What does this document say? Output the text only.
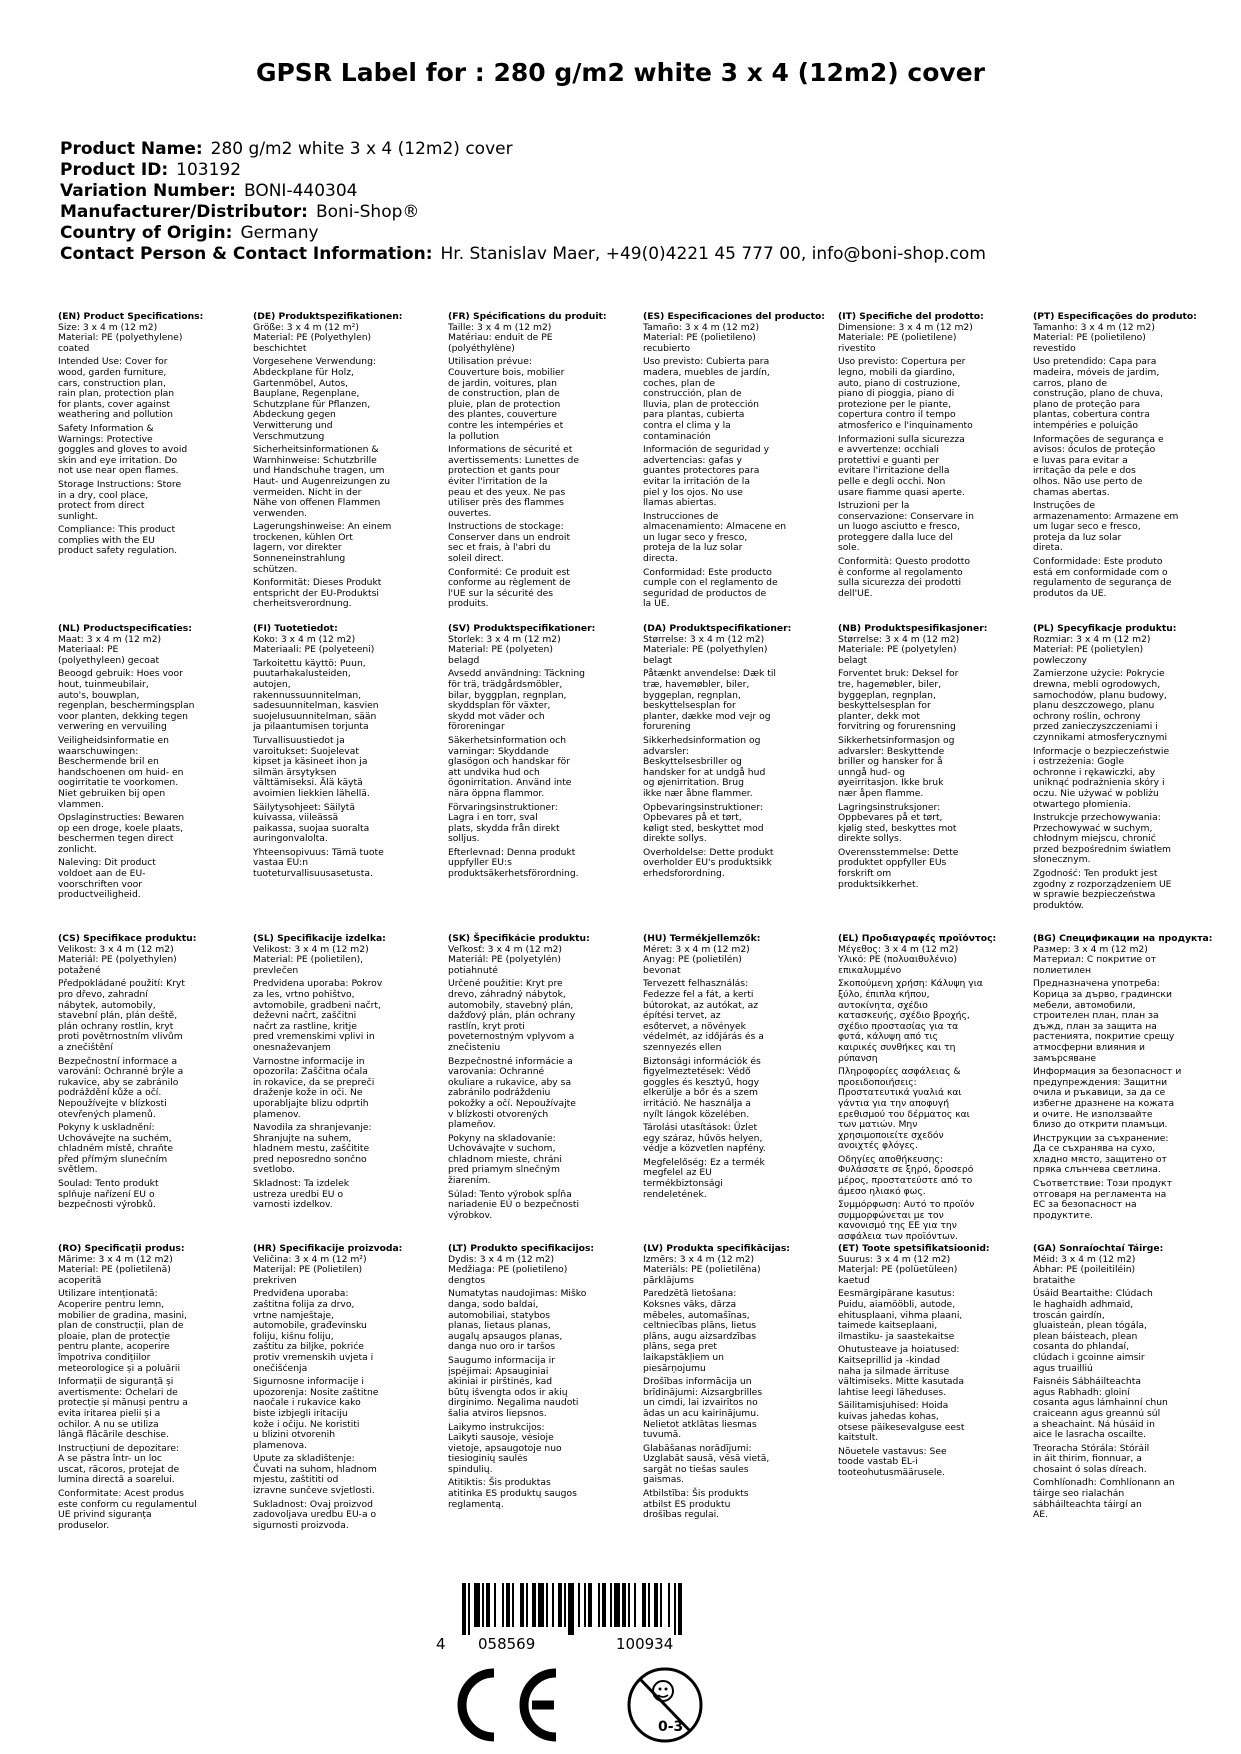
GPSR Label for : 280 g/m2 white 3 x 4 (12m2) cover
Product Name: 280 g/m2 white 3 x 4 (12m2) cover
Product ID: 103192
Variation Number: BONI-440304
Manufacturer/Distributor: Boni-Shop®
Country of Origin: Germany
Contact Person & Contact Information: Hr. Stanislav Maer, +49(0)4221 45 777 00, info@boni-shop.com
(EN) Product Specifications:
Size: 3 x 4 m (12 m2)
Material: PE (polyethylene)
coated
Intended Use: Cover for
wood, garden furniture,
cars, construction plan,
rain plan, protection plan
for plants, cover against
weathering and pollution
Safety Information &
Warnings: Protective
goggles and gloves to avoid
skin and eye irritation. Do
not use near open flames.
Storage Instructions: Store
in a dry, cool place,
protect from direct
sunlight.
Compliance: This product
complies with the EU
product safety regulation.
(DE) Produktspezifikationen:
Größe: 3 x 4 m (12 m²)
Material: PE (Polyethylen)
beschichtet
Vorgesehene Verwendung:
Abdeckplane für Holz,
Gartenmöbel, Autos,
Bauplane, Regenplane,
Schutzplane für Pflanzen,
Abdeckung gegen
Verwitterung und
Verschmutzung
Sicherheitsinformationen &
Warnhinweise: Schutzbrille
und Handschuhe tragen, um
Haut- und Augenreizungen zu
vermeiden. Nicht in der
Nähe von offenen Flammen
verwenden.
Lagerungshinweise: An einem
trockenen, kühlen Ort
lagern, vor direkter
Sonneneinstrahlung
schützen.
Konformität: Dieses Produkt
entspricht der EU-Produktsi
cherheitsverordnung.
(FR) Spécifications du produit:
Taille: 3 x 4 m (12 m2)
Matériau: enduit de PE
(polyéthylène)
Utilisation prévue:
Couverture bois, mobilier
de jardin, voitures, plan
de construction, plan de
pluie, plan de protection
des plantes, couverture
contre les intempéries et
la pollution
Informations de sécurité et
avertissements: Lunettes de
protection et gants pour
éviter l'irritation de la
peau et des yeux. Ne pas
utiliser près des flammes
ouvertes.
Instructions de stockage:
Conserver dans un endroit
sec et frais, à l'abri du
soleil direct.
Conformité: Ce produit est
conforme au règlement de
l'UE sur la sécurité des
produits.
(ES) Especificaciones del producto:
Tamaño: 3 x 4 m (12 m2)
Material: PE (polietileno)
recubierto
Uso previsto: Cubierta para
madera, muebles de jardín,
coches, plan de
construcción, plan de
lluvia, plan de protección
para plantas, cubierta
contra el clima y la
contaminación
Información de seguridad y
advertencias: gafas y
guantes protectores para
evitar la irritación de la
piel y los ojos. No use
llamas abiertas.
Instrucciones de
almacenamiento: Almacene en
un lugar seco y fresco,
proteja de la luz solar
directa.
Conformidad: Este producto
cumple con el reglamento de
seguridad de productos de
la UE.
(IT) Specifiche del prodotto:
Dimensione: 3 x 4 m (12 m2)
Materiale: PE (polietilene)
rivestito
Uso previsto: Copertura per
legno, mobili da giardino,
auto, piano di costruzione,
piano di pioggia, piano di
protezione per le piante,
copertura contro il tempo
atmosferico e l'inquinamento
Informazioni sulla sicurezza
e avvertenze: occhiali
protettivi e guanti per
evitare l'irritazione della
pelle e degli occhi. Non
usare fiamme quasi aperte.
Istruzioni per la
conservazione: Conservare in
un luogo asciutto e fresco,
proteggere dalla luce del
sole.
Conformità: Questo prodotto
è conforme al regolamento
sulla sicurezza dei prodotti
dell'UE.
(PT) Especificações do produto:
Tamanho: 3 x 4 m (12 m2)
Material: PE (polietileno)
revestido
Uso pretendido: Capa para
madeira, móveis de jardim,
carros, plano de
construção, plano de chuva,
plano de proteção para
plantas, cobertura contra
intempéries e poluição
Informações de segurança e
avisos: óculos de proteção
e luvas para evitar a
irritação da pele e dos
olhos. Não use perto de
chamas abertas.
Instruções de
armazenamento: Armazene em
um lugar seco e fresco,
proteja da luz solar
direta.
Conformidade: Este produto
está em conformidade com o
regulamento de segurança de
produtos da UE.
(NL) Productspecificaties:
Maat: 3 x 4 m (12 m2)
Materiaal: PE
(polyethyleen) gecoat
Beoogd gebruik: Hoes voor
hout, tuinmeubilair,
auto's, bouwplan,
regenplan, beschermingsplan
voor planten, dekking tegen
verwering en vervuiling
Veiligheidsinformatie en
waarschuwingen:
Beschermende bril en
handschoenen om huid- en
oogirritatie te voorkomen.
Niet gebruiken bij open
vlammen.
Opslaginstructies: Bewaren
op een droge, koele plaats,
beschermen tegen direct
zonlicht.
Naleving: Dit product
voldoet aan de EU-
voorschriften voor
productveiligheid.
(FI) Tuotetiedot:
Koko: 3 x 4 m (12 m2)
Materiaali: PE (polyeteeni)
Tarkoitettu käyttö: Puun,
puutarhakalusteiden,
autojen,
rakennussuunnitelman,
sadesuunnitelman, kasvien
suojelusuunnitelman, sään
ja pilaantumisen torjunta
Turvallisuustiedot ja
varoitukset: Suojelevat
kipset ja käsineet ihon ja
silmän ärsytyksen
välttämiseksi. Älä käytä
avoimien liekkien lähellä.
Säilytysohjeet: Säilytä
kuivassa, viileässä
paikassa, suojaa suoralta
auringonvalolta.
Yhteensopivuus: Tämä tuote
vastaa EU:n
tuoteturvallisuusasetusta.
(SV) Produktspecifikationer:
Storlek: 3 x 4 m (12 m2)
Material: PE (polyeten)
belagd
Avsedd användning: Täckning
för trä, trädgårdsmöbler,
bilar, byggplan, regnplan,
skyddsplan för växter,
skydd mot väder och
föroreningar
Säkerhetsinformation och
varningar: Skyddande
glasögon och handskar för
att undvika hud och
ögonirritation. Använd inte
nära öppna flammor.
Förvaringsinstruktioner:
Lagra i en torr, sval
plats, skydda från direkt
solljus.
Efterlevnad: Denna produkt
uppfyller EU:s
produktsäkerhetsförordning.
(DA) Produktspecifikationer:
Størrelse: 3 x 4 m (12 m2)
Materiale: PE (polyethylen)
belagt
Påtænkt anvendelse: Dæk til
træ, havemøbler, biler,
byggeplan, regnplan,
beskyttelsesplan for
planter, dække mod vejr og
forurening
Sikkerhedsinformation og
advarsler:
Beskyttelsesbriller og
handsker for at undgå hud
og øjenirritation. Brug
ikke nær åbne flammer.
Opbevaringsinstruktioner:
Opbevares på et tørt,
køligt sted, beskyttet mod
direkte sollys.
Overholdelse: Dette produkt
overholder EU's produktsikk
erhedsforordning.
(NB) Produktspesifikasjoner:
Størrelse: 3 x 4 m (12 m2)
Materiale: PE (polyetylen)
belagt
Forventet bruk: Deksel for
tre, hagemøbler, biler,
byggeplan, regnplan,
beskyttelsesplan for
planter, dekk mot
forvitring og forurensning
Sikkerhetsinformasjon og
advarsler: Beskyttende
briller og hansker for å
unngå hud- og
øyeirritasjon. Ikke bruk
nær åpen flamme.
Lagringsinstruksjoner:
Oppbevares på et tørt,
kjølig sted, beskyttes mot
direkte sollys.
Overensstemmelse: Dette
produktet oppfyller EUs
forskrift om
produktsikkerhet.
(PL) Specyfikacje produktu:
Rozmiar: 3 x 4 m (12 m2)
Materiał: PE (polietylen)
powleczony
Zamierzone użycie: Pokrycie
drewna, mebli ogrodowych,
samochodów, planu budowy,
planu deszczowego, planu
ochrony roślin, ochrony
przed zanieczyszczeniami i
czynnikami atmosferycznymi
Informacje o bezpieczeństwie
i ostrzeżenia: Gogle
ochronne i rękawiczki, aby
uniknąć podrażnienia skóry i
oczu. Nie używać w pobliżu
otwartego płomienia.
Instrukcje przechowywania:
Przechowywać w suchym,
chłodnym miejscu, chronić
przed bezpośrednim światłem
słonecznym.
Zgodność: Ten produkt jest
zgodny z rozporządzeniem UE
w sprawie bezpieczeństwa
produktów.
(CS) Specifikace produktu:
Velikost: 3 x 4 m (12 m2)
Materiál: PE (polyethylen)
potažené
Předpokládané použití: Kryt
pro dřevo, zahradní
nábytek, automobily,
stavební plán, plán deště,
plán ochrany rostlin, kryt
proti povětrnostním vlivům
a znečištění
Bezpečnostní informace a
varování: Ochranné brýle a
rukavice, aby se zabránilo
podráždění kůže a očí.
Nepoužívejte v blízkosti
otevřených plamenů.
Pokyny k uskladnění:
Uchovávejte na suchém,
chladném místě, chraňte
před přímým slunečním
světlem.
Soulad: Tento produkt
splňuje nařízení EU o
bezpečnosti výrobků.
(SL) Specifikacije izdelka:
Velikost: 3 x 4 m (12 m2)
Material: PE (polietilen),
prevlečen
Predvidena uporaba: Pokrov
za les, vrtno pohištvo,
avtomobile, gradbeni načrt,
deževni načrt, zaščitni
načrt za rastline, kritje
pred vremenskimi vplivi in
onesnaževanjem
Varnostne informacije in
opozorila: Zaščitna očala
in rokavice, da se prepreči
draženje kože in oči. Ne
uporabljajte blizu odprtih
plamenov.
Navodila za shranjevanje:
Shranjujte na suhem,
hladnem mestu, zaščitite
pred neposredno sončno
svetlobo.
Skladnost: Ta izdelek
ustreza uredbi EU o
varnosti izdelkov.
(SK) Špecifikácie produktu:
Veľkosť: 3 x 4 m (12 m2)
Materiál: PE (polyetylén)
potiahnuté
Určené použitie: Kryt pre
drevo, záhradný nábytok,
automobily, stavebný plán,
dažďový plán, plán ochrany
rastlín, kryt proti
poveternostným vplyvom a
znečisteniu
Bezpečnostné informácie a
varovania: Ochranné
okuliare a rukavice, aby sa
zabránilo podráždeniu
pokožky a očí. Nepoužívajte
v blízkosti otvorených
plameňov.
Pokyny na skladovanie:
Uchovávajte v suchom,
chladnom mieste, chráni
pred priamym slnečným
žiarením.
Súlad: Tento výrobok spĺňa
nariadenie EÚ o bezpečnosti
výrobkov.
(HU) Termékjellemzők:
Méret: 3 x 4 m (12 m2)
Anyag: PE (polietilén)
bevonat
Tervezett felhasználás:
Fedezze fel a fát, a kerti
bútorokat, az autókat, az
építési tervet, az
esőtervet, a növények
védelmét, az időjárás és a
szennyezés ellen
Biztonsági információk és
figyelmeztetések: Védő
goggles és kesztyű, hogy
elkerülje a bőr és a szem
irritáció. Ne használja a
nyílt lángok közelében.
Tárolási utasítások: Üzlet
egy száraz, hűvös helyen,
védje a közvetlen napfény.
Megfelelőség: Ez a termék
megfelel az EU
termékbiztonsági
rendeletének.
(EL) Προδιαγραφές προϊόντος:
Μέγεθος: 3 x 4 m (12 m2)
Υλικό: PE (πολυαιθυλένιο)
επικαλυμμένο
Σκοπούμενη χρήση: Κάλυψη για
ξύλο, έπιπλα κήπου,
αυτοκίνητα, σχέδιο
κατασκευής, σχέδιο βροχής,
σχέδιο προστασίας για τα
φυτά, κάλυψη από τις
καιρικές συνθήκες και τη
ρύπανση
Πληροφορίες ασφάλειας &
προειδοποιήσεις:
Προστατευτικά γυαλιά και
γάντια για την αποφυγή
ερεθισμού του δέρματος και
των ματιών. Μην
χρησιμοποιείτε σχεδόν
ανοιχτές φλόγες.
Οδηγίες αποθήκευσης:
Φυλάσσετε σε ξηρό, δροσερό
μέρος, προστατεύστε από το
άμεσο ηλιακό φως.
Συμμόρφωση: Αυτό το προϊόν
συμμορφώνεται με τον
κανονισμό της ΕΕ για την
ασφάλεια των προϊόντων.
(BG) Спецификации на продукта:
Размер: 3 x 4 m (12 m2)
Материал: С покритие от
полиетилен
Предназначена употреба:
Корица за дърво, градински
мебели, автомобили,
строителен план, план за
дъжд, план за защита на
растенията, покритие срещу
атмосферни влияния и
замърсяване
Информация за безопасност и
предупреждения: Защитни
очила и ръкавици, за да се
избегне дразнене на кожата
и очите. Не използвайте
близо до открити пламъци.
Инструкции за съхранение:
Да се съхранява на сухо,
хладно място, защитено от
пряка слънчева светлина.
Съответствие: Този продукт
отговаря на регламента на
ЕС за безопасност на
продуктите.
(RO) Specificații produs:
Mărime: 3 x 4 m (12 m2)
Material: PE (polietilenă)
acoperită
Utilizare intenționată:
Acoperire pentru lemn,
mobilier de gradina, masini,
plan de construcții, plan de
ploaie, plan de protecție
pentru plante, acoperire
împotriva condițiilor
meteorologice și a poluării
Informații de siguranță și
avertismente: Ochelari de
protecție și mănuși pentru a
evita iritarea pielii și a
ochilor. A nu se utiliza
lângă flăcările deschise.
Instrucțiuni de depozitare:
A se păstra într- un loc
uscat, răcoros, protejat de
lumina directă a soarelui.
Conformitate: Acest produs
este conform cu regulamentul
UE privind siguranța
produselor.
(HR) Specifikacije proizvoda:
Veličina: 3 x 4 m (12 m²)
Materijal: PE (Polietilen)
prekriven
Predviđena uporaba:
zaštitna folija za drvo,
vrtne namještaje,
automobile, građevinsku
foliju, kišnu foliju,
zaštitu za biljke, pokriće
protiv vremenskih uvjeta i
onečišćenja
Sigurnosne informacije i
upozorenja: Nosite zaštitne
naočale i rukavice kako
biste izbjegli iritaciju
kože i očiju. Ne koristiti
u blizini otvorenih
plamenova.
Upute za skladištenje:
Čuvati na suhom, hladnom
mjestu, zaštititi od
izravne sunčeve svjetlosti.
Sukladnost: Ovaj proizvod
zadovoljava uredbu EU-a o
sigurnosti proizvoda.
(LT) Produkto specifikacijos:
Dydis: 3 x 4 m (12 m2)
Medžiaga: PE (polietileno)
dengtos
Numatytas naudojimas: Miško
danga, sodo baldai,
automobiliai, statybos
planas, lietaus planas,
augalų apsaugos planas,
danga nuo oro ir taršos
Saugumo informacija ir
įspėjimai: Apsauginiai
akiniai ir pirštinės, kad
būtų išvengta odos ir akių
dirginimo. Negalima naudoti
šalia atviros liepsnos.
Laikymo instrukcijos:
Laikyti sausoje, vėsioje
vietoje, apsaugotoje nuo
tiesioginių saulės
spindulių.
Atitiktis: Šis produktas
atitinka ES produktų saugos
reglamentą.
(LV) Produkta specifikācijas:
Izmērs: 3 x 4 m (12 m2)
Materiāls: PE (polietilēna)
pārklājums
Paredzētā lietošana:
Koksnes vāks, dārza
mēbeles, automašīnas,
celtniecības plāns, lietus
plāns, augu aizsardzības
plāns, sega pret
laikapstākļiem un
piesārņojumu
Drošības informācija un
brīdinājumi: Aizsargbrilles
un cimdi, lai izvairītos no
ādas un acu kairinājumu.
Nelietot atklātas liesmas
tuvumā.
Glabāšanas norādījumi:
Uzglabāt sausā, vēsā vietā,
sargāt no tiešas saules
gaismas.
Atbilstība: Šis produkts
atbilst ES produktu
drošības regulai.
(ET) Toote spetsifikatsioonid:
Suurus: 3 x 4 m (12 m2)
Materjal: PE (polüetüleen)
kaetud
Eesmärgipärane kasutus:
Puidu, aiamööbli, autode,
ehitusplaani, vihma plaani,
taimede kaitseplaani,
ilmastiku- ja saastekaitse
Ohutusteave ja hoiatused:
Kaitseprillid ja -kindad
naha ja silmade ärrituse
vältimiseks. Mitte kasutada
lahtise leegi läheduses.
Säilitamisjuhised: Hoida
kuivas jahedas kohas,
otsese päikesevalguse eest
kaitstult.
Nõuetele vastavus: See
toode vastab EL-i
tooteohutusmäärusele.
(GA) Sonraíochtaí Táirge:
Méid: 3 x 4 m (12 m2)
Ábhar: PE (poileitiléin)
brataithe
Úsáid Beartaithe: Clúdach
le haghaidh adhmaid,
troscán gairdín,
gluaisteán, plean tógála,
plean báisteach, plean
cosanta do phlandaí,
clúdach i gcoinne aimsir
agus truailliú
Faisnéis Sábháilteachta
agus Rabhadh: gloiní
cosanta agus lámhainní chun
craiceann agus greannú súl
a sheachaint. Ná húsáid in
aice le lasracha oscailte.
Treoracha Stórála: Stóráil
in áit thirim, fionnuar, a
chosaint ó solas díreach.
Comhlíonadh: Comhlíonann an
táirge seo rialachán
sábháilteachta táirgí an
AE.
4 058569	100934
0-3
